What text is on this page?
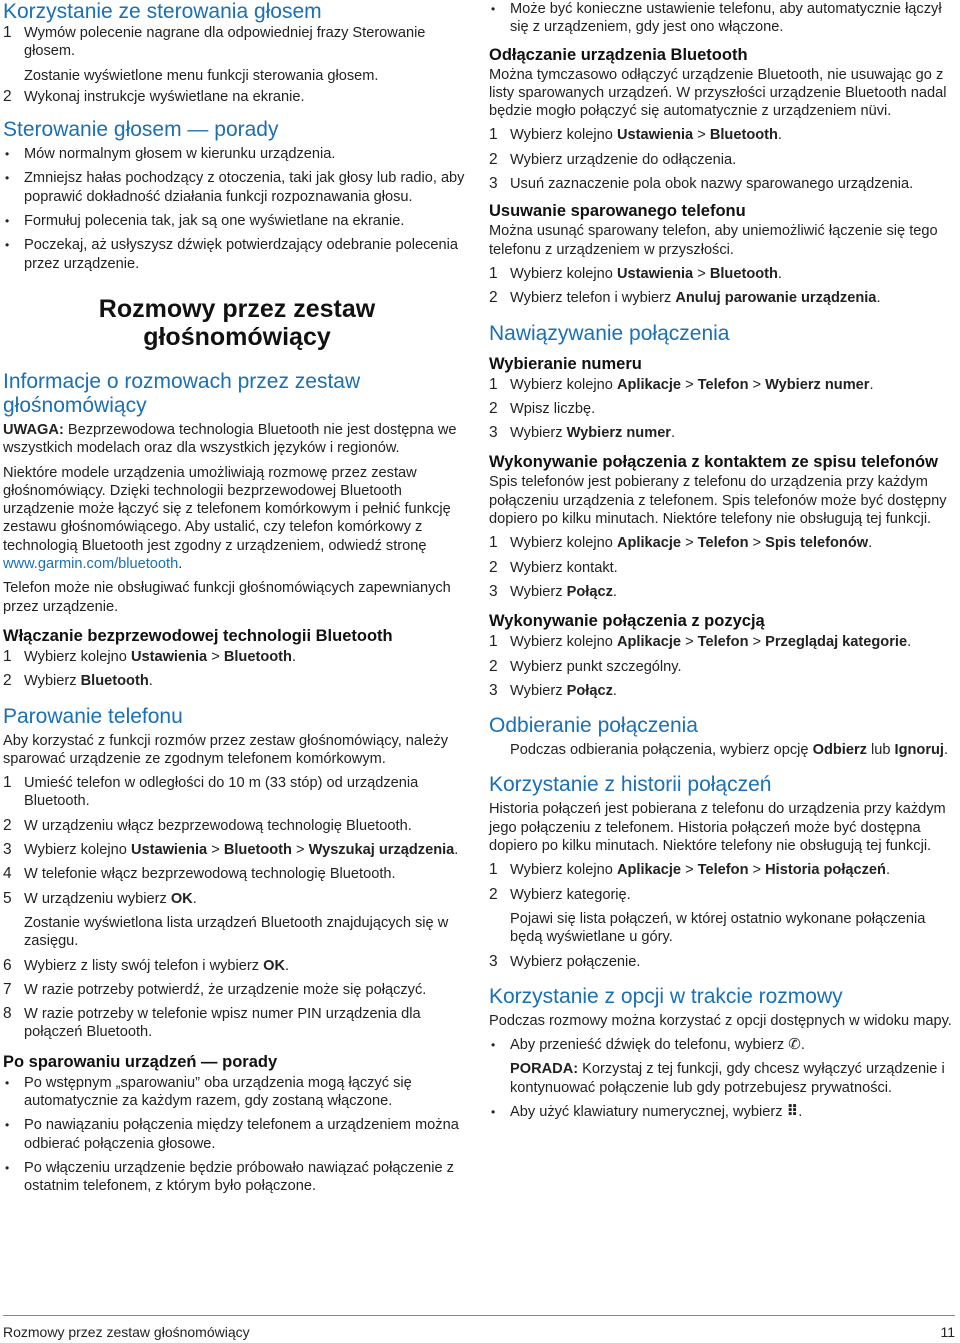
Korzystanie ze sterowania głosem
1 Wymów polecenie nagrane dla odpowiedniej frazy Sterowanie głosem.

Zostanie wyświetlone menu funkcji sterowania głosem.

2 Wykonaj instrukcje wyświetlane na ekranie.
Sterowanie głosem — porady
• Mów normalnym głosem w kierunku urządzenia.
• Zmniejsz hałas pochodzący z otoczenia, taki jak głosy lub radio, aby poprawić dokładność działania funkcji rozpoznawania głosu.
• Formułuj polecenia tak, jak są one wyświetlane na ekranie.
• Poczekaj, aż usłyszysz dźwięk potwierdzający odebranie polecenia przez urządzenie.
Rozmowy przez zestaw
głośnomówiący
Informacje o rozmowach przez zestaw głośnomówiący

UWAGA: Bezprzewodowa technologia Bluetooth nie jest dostępna we wszystkich modelach oraz dla wszystkich języków i regionów.

Niektóre modele urządzenia umożliwiają rozmowę przez zestaw głośnomówiący. Dzięki technologii bezprzewodowej Bluetooth urządzenie może łączyć się z telefonem komórkowym i pełnić funkcję zestawu głośnomówiącego. Aby ustalić, czy telefon komórkowy z technologią Bluetooth jest zgodny z urządzeniem, odwiedź stronę www.garmin.com/bluetooth.

Telefon może nie obsługiwać funkcji głośnomówiących zapewnianych przez urządzenie.

Włączanie bezprzewodowej technologii Bluetooth
1 Wybierz kolejno Ustawienia > Bluetooth.
2 Wybierz Bluetooth.
Parowanie telefonu

Aby korzystać z funkcji rozmów przez zestaw głośnomówiący, należy sparować urządzenie ze zgodnym telefonem komórkowym.

1 Umieść telefon w odległości do 10 m (33 stóp) od urządzenia Bluetooth.
2 W urządzeniu włącz bezprzewodową technologię Bluetooth.
3 Wybierz kolejno Ustawienia > Bluetooth > Wyszukaj urządzenia.
4 W telefonie włącz bezprzewodową technologię Bluetooth.
5 W urządzeniu wybierz OK.

Zostanie wyświetlona lista urządzeń Bluetooth znajdujących się w zasięgu.

6 Wybierz z listy swój telefon i wybierz OK.
7 W razie potrzeby potwierdź, że urządzenie może się połączyć.
8 W razie potrzeby w telefonie wpisz numer PIN urządzenia dla połączeń Bluetooth.
Po sparowaniu urządzeń — porady
• Po wstępnym „sparowaniu” oba urządzenia mogą łączyć się automatycznie za każdym razem, gdy zostaną włączone.
• Po nawiązaniu połączenia między telefonem a urządzeniem można odbierać połączenia głosowe.
• Po włączeniu urządzenie będzie próbowało nawiązać połączenie z ostatnim telefonem, z którym było połączone.
• Może być konieczne ustawienie telefonu, aby automatycznie łączył się z urządzeniem, gdy jest ono włączone.
Odłączanie urządzenia Bluetooth

Można tymczasowo odłączyć urządzenie Bluetooth, nie usuwając go z listy sparowanych urządzeń. W przyszłości urządzenie Bluetooth nadal będzie mogło połączyć się automatycznie z urządzeniem nüvi.

1 Wybierz kolejno Ustawienia > Bluetooth.
2 Wybierz urządzenie do odłączenia.
3 Usuń zaznaczenie pola obok nazwy sparowanego urządzenia.
Usuwanie sparowanego telefonu

Można usunąć sparowany telefon, aby uniemożliwić łączenie się tego telefonu z urządzeniem w przyszłości.

1 Wybierz kolejno Ustawienia > Bluetooth.
2 Wybierz telefon i wybierz Anuluj parowanie urządzenia.
Nawiązywanie połączenia
Wybieranie numeru
1 Wybierz kolejno Aplikacje > Telefon > Wybierz numer.
2 Wpisz liczbę.
3 Wybierz Wybierz numer.
Wykonywanie połączenia z kontaktem ze spisu telefonów

Spis telefonów jest pobierany z telefonu do urządzenia przy każdym połączeniu urządzenia z telefonem. Spis telefonów może być dostępny dopiero po kilku minutach. Niektóre telefony nie obsługują tej funkcji.

1 Wybierz kolejno Aplikacje > Telefon > Spis telefonów.
2 Wybierz kontakt.
3 Wybierz Połącz.
Wykonywanie połączenia z pozycją
1 Wybierz kolejno Aplikacje > Telefon > Przeglądaj kategorie.
2 Wybierz punkt szczególny.
3 Wybierz Połącz.
Odbieranie połączenia

Podczas odbierania połączenia, wybierz opcję Odbierz lub Ignoruj.

Korzystanie z historii połączeń

Historia połączeń jest pobierana z telefonu do urządzenia przy każdym jego połączeniu z telefonem. Historia połączeń może być dostępna dopiero po kilku minutach. Niektóre telefony nie obsługują tej funkcji.

1 Wybierz kolejno Aplikacje > Telefon > Historia połączeń.
2 Wybierz kategorię.

Pojawi się lista połączeń, w której ostatnio wykonane połączenia będą wyświetlane u góry.

3 Wybierz połączenie.
Korzystanie z opcji w trakcie rozmowy

Podczas rozmowy można korzystać z opcji dostępnych w widoku mapy.

• Aby przenieść dźwięk do telefonu, wybierz ✆.

PORADA: Korzystaj z tej funkcji, gdy chcesz wyłączyć urządzenie i kontynuować połączenie lub gdy potrzebujesz prywatności.

• Aby użyć klawiatury numerycznej, wybierz ⠿.
Rozmowy przez zestaw głośnomówiący	11
